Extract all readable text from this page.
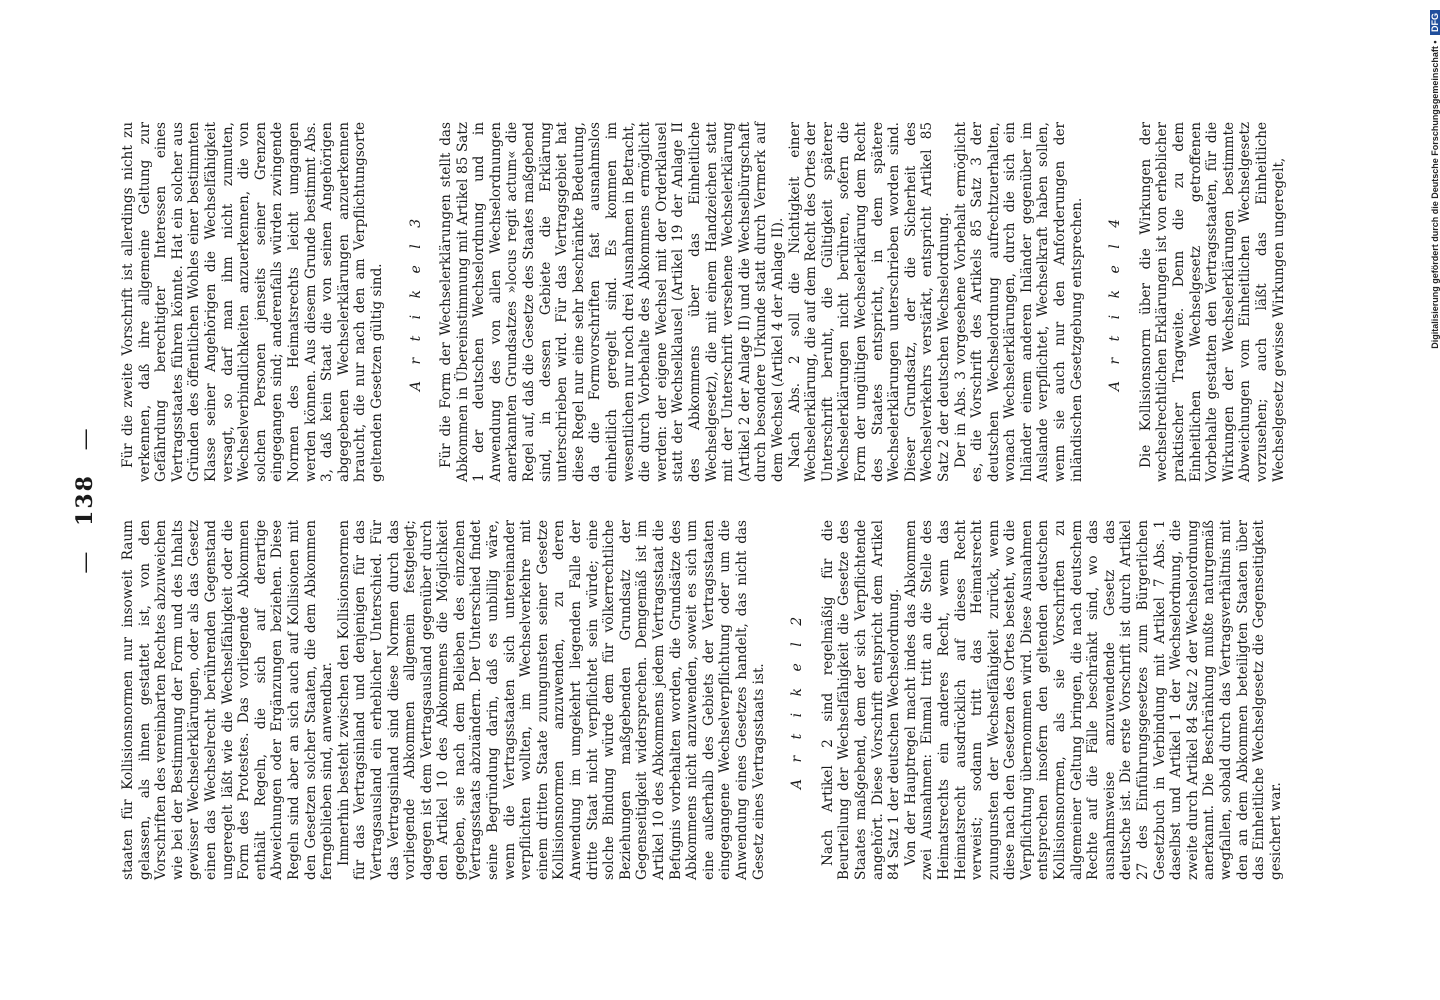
— 138 —

staaten für Kollisionsnormen nur insoweit Raum gelassen, als ihnen gestattet ist, von den Vorschriften des vereinbarten Rechtes abzuweichen wie bei der Bestimmung der Form und des Inhalts gewisser Wechselerklärungen, oder als das Gesetz einen das Wechselrecht berührenden Gegenstand ungeregelt läßt wie die Wechselfähigkeit oder die Form des Protestes. Das vorliegende Abkommen enthält Regeln, die sich auf derartige Abweichungen oder Ergänzungen beziehen. Diese Regeln sind aber an sich auch auf Kollisionen mit den Gesetzen solcher Staaten, die dem Abkommen ferngeblieben sind, anwendbar. Immerhin besteht zwischen den Kollisionsnormen für das Vertragsinland und denjenigen für das Vertragsausland ein erheblicher Unterschied. Für das Vertragsinland sind diese Normen durch das vorliegende Abkommen allgemein festgelegt; dagegen ist dem Vertragsausland gegenüber durch den Artikel 10 des Abkommens die Möglichkeit gegeben, sie nach dem Belieben des einzelnen Vertragsstaats abzuändern. Der Unterschied findet seine Begründung darin, daß es unbillig wäre, wenn die Vertragsstaaten sich untereinander verpflichten wollten, im Wechselverkehre mit einem dritten Staate zuungunsten seiner Gesetze Kollisionsnormen anzuwenden, zu deren Anwendung im umgekehrt liegenden Falle der dritte Staat nicht verpflichtet sein würde; eine solche Bindung würde dem für völkerrechtliche Beziehungen maßgebenden Grundsatz der Gegenseitigkeit widersprechen. Demgemäß ist im Artikel 10 des Abkommens jedem Vertragsstaat die Befugnis vorbehalten worden, die Grundsätze des Abkommens nicht anzuwenden, soweit es sich um eine außerhalb des Gebiets der Vertragsstaaten eingegangene Wechselverpflichtung oder um die Anwendung eines Gesetzes handelt, das nicht das Gesetz eines Vertragsstaats ist. A r t i k e l 2 Nach Artikel 2 sind regelmäßig für die Beurteilung der Wechselfähigkeit die Gesetze des Staates maßgebend, dem der sich Verpflichtende angehört. Diese Vorschrift entspricht dem Artikel 84 Satz 1 der deutschen Wechselordnung. Von der Hauptregel macht indes das Abkommen zwei Ausnahmen: Einmal tritt an die Stelle des Heimatsrechts ein anderes Recht, wenn das Heimatsrecht ausdrücklich auf dieses Recht verweist; sodann tritt das Heimatsrecht zuungunsten der Wechselfähigkeit zurück, wenn diese nach den Gesetzen des Ortes besteht, wo die Verpflichtung übernommen wird. Diese Ausnahmen entsprechen insofern den geltenden deutschen Kollisionsnormen, als sie Vorschriften zu allgemeiner Geltung bringen, die nach deutschem Rechte auf die Fälle beschränkt sind, wo das ausnahmsweise anzuwendende Gesetz das deutsche ist. Die erste Vorschrift ist durch Artikel 27 des Einführungsgesetzes zum Bürgerlichen Gesetzbuch in Verbindung mit Artikel 7 Abs. 1 daselbst und Artikel 1 der Wechselordnung, die zweite durch Artikel 84 Satz 2 der Wechselordnung anerkannt. Die Beschränkung mußte naturgemäß wegfallen, sobald durch das Vertragsverhältnis mit den an dem Abkommen beteiligten Staaten über das Einheitliche Wechselgesetz die Gegenseitigkeit gesichert war.

Für die zweite Vorschrift ist allerdings nicht zu verkennen, daß ihre allgemeine Geltung zur Gefährdung berechtigter Interessen eines Vertragsstaates führen könnte. Hat ein solcher aus Gründen des öffentlichen Wohles einer bestimmten Klasse seiner Angehörigen die Wechselfähigkeit versagt, so darf man ihm nicht zumuten, Wechselverbindlichkeiten anzuerkennen, die von solchen Personen jenseits seiner Grenzen eingegangen sind; anderenfalls würden zwingende Normen des Heimatsrechts leicht umgangen werden können. Aus diesem Grunde bestimmt Abs. 3, daß kein Staat die von seinen Angehörigen abgegebenen Wechselerklärungen anzuerkennen braucht, die nur nach den am Verpflichtungsorte geltenden Gesetzen gültig sind. A r t i k e l 3 Für die Form der Wechselerklärungen stellt das Abkommen in Übereinstimmung mit Artikel 85 Satz 1 der deutschen Wechselordnung und in Anwendung des von allen Wechselordnungen anerkannten Grundsatzes »locus regit actum« die Regel auf, daß die Gesetze des Staates maßgebend sind, in dessen Gebiete die Erklärung unterschrieben wird. Für das Vertragsgebiet hat diese Regel nur eine sehr beschränkte Bedeutung, da die Formvorschriften fast ausnahmslos einheitlich geregelt sind. Es kommen im wesentlichen nur noch drei Ausnahmen in Betracht, die durch Vorbehalte des Abkommens ermöglicht werden: der eigene Wechsel mit der Orderklausel statt der Wechselklausel (Artikel 19 der Anlage II des Abkommens über das Einheitliche Wechselgesetz), die mit einem Handzeichen statt mit der Unterschrift versehene Wechselerklärung (Artikel 2 der Anlage II) und die Wechselbürgschaft durch besondere Urkunde statt durch Vermerk auf dem Wechsel (Artikel 4 der Anlage II). Nach Abs. 2 soll die Nichtigkeit einer Wechselerklärung, die auf dem Recht des Ortes der Unterschrift beruht, die Gültigkeit späterer Wechselerklärungen nicht berühren, sofern die Form der ungültigen Wechselerklärung dem Recht des Staates entspricht, in dem spätere Wechselerklärungen unterschrieben worden sind. Dieser Grundsatz, der die Sicherheit des Wechselverkehrs verstärkt, entspricht Artikel 85 Satz 2 der deutschen Wechselordnung. Der in Abs. 3 vorgesehene Vorbehalt ermöglicht es, die Vorschrift des Artikels 85 Satz 3 der deutschen Wechselordnung aufrechtzuerhalten, wonach Wechselerklärungen, durch die sich ein Inländer einem anderen Inländer gegenüber im Auslande verpflichtet, Wechselkraft haben sollen, wenn sie auch nur den Anforderungen der inländischen Gesetzgebung entsprechen. A r t i k e l 4 Die Kollisionsnorm über die Wirkungen der wechselrechtlichen Erklärungen ist von erheblicher praktischer Tragweite. Denn die zu dem Einheitlichen Wechselgesetz getroffenen Vorbehalte gestatten den Vertragsstaaten, für die Wirkungen der Wechselerklärungen bestimmte Abweichungen vom Einheitlichen Wechselgesetz vorzusehen; auch läßt das Einheitliche Wechselgesetz gewisse Wirkungen ungeregelt,	Digitalisierung gefördert durch die Deutsche Forschungsgemeinschaft • DFG
